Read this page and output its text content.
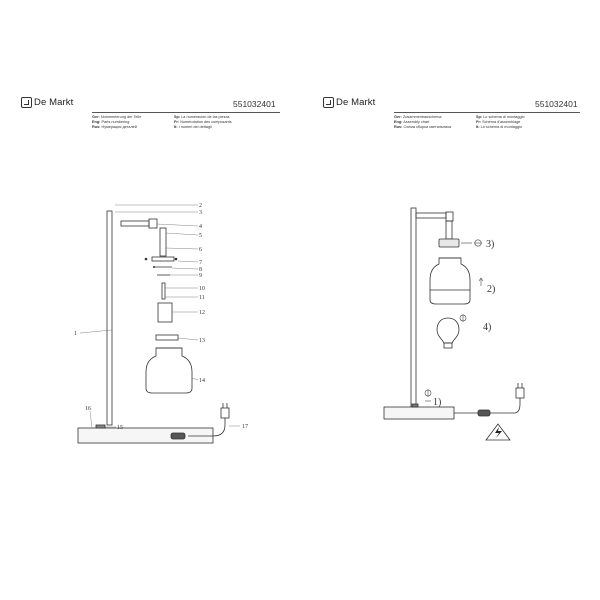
De Markt	551032401
Ger: Nummerierung der Teile
Eng: Parts numbering
Rus: Нумерация деталей
Sp: La numeración de las piezas
Fr: Numérotation des composants
It: I numeri dei dettagli
1
2
3
4
5
6
7
8
9
10
11
12
13
14
15
16
17
De Markt	551032401
Ger: Zusammenbauschema
Eng: Assembly chart
Rus: Схема сборки светильника
Sp: Lo schema di montaggio
Fr: Schéma d'assemblage
It: Lo schema di montaggio
3)
2)
4)
1)
